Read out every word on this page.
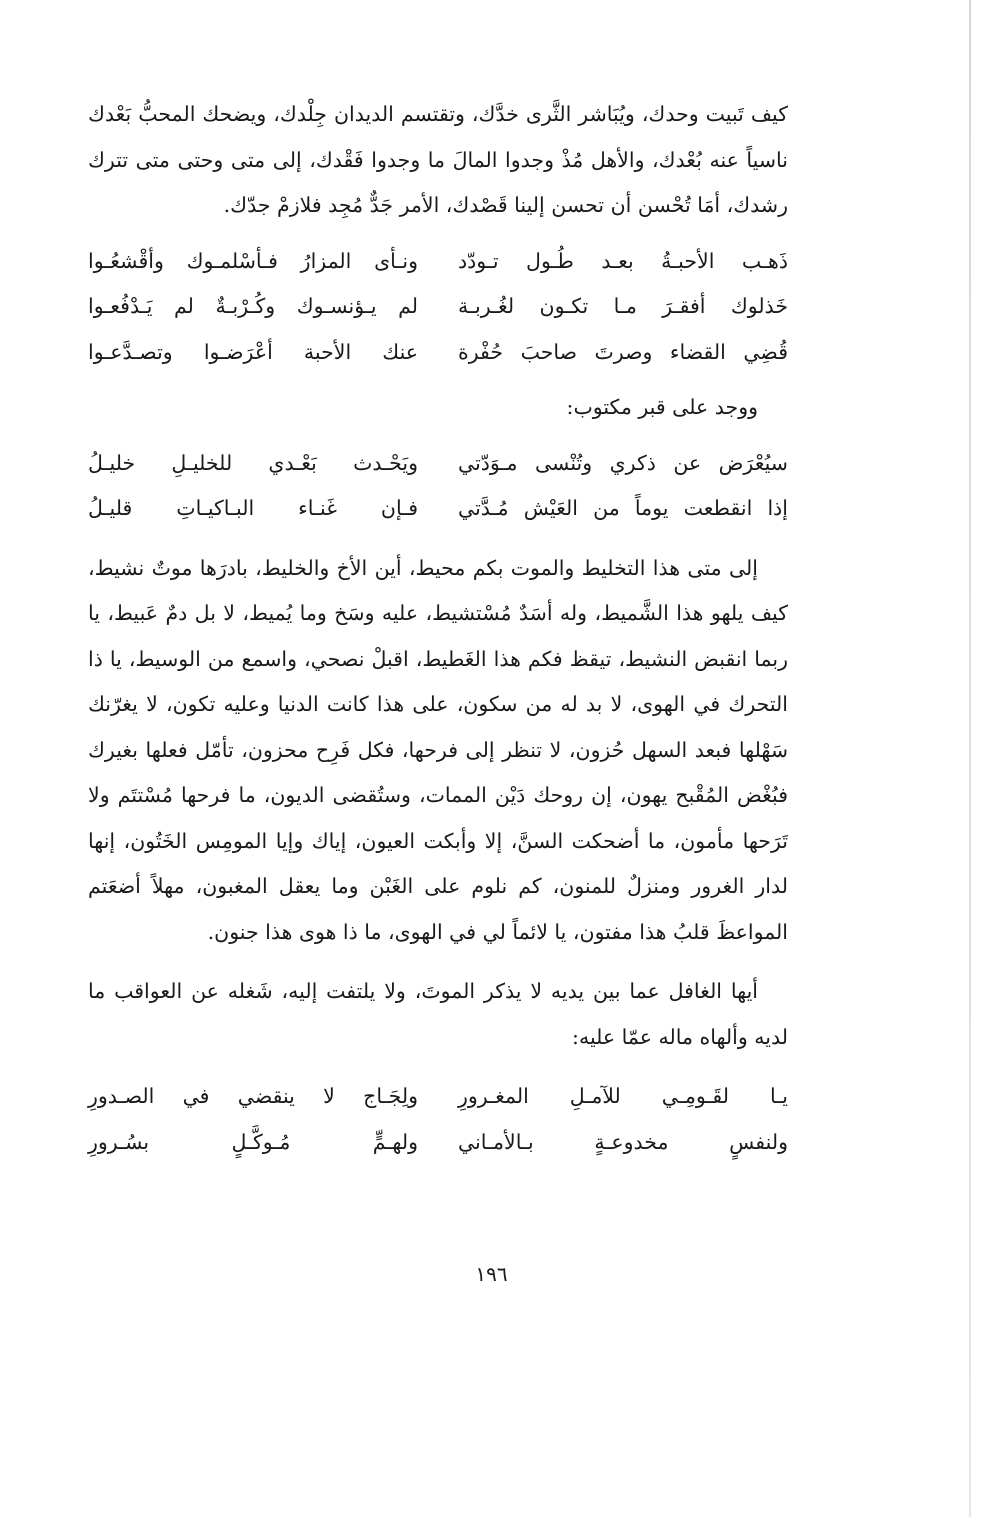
كيف تَبيت وحدك، ويُبَاشر الثَّرى خدَّك، وتقتسم الديدان جِلْدك، ويضحك المحبُّ بَعْدك ناسياً عنه بُعْدك، والأهل مُذْ وجدوا المالَ ما وجدوا فَقْدك، إلى متى وحتى متى تترك رشدك، أمَا تُحْسن أن تحسن إلينا قَصْدك، الأمر جَدٌّ مُجِد فلازمْ جدّك.

ذَهـب الأحبـةُ بعـد طُـول تـودّد
ونـأى المزارُ فـأسْلمـوك وأقْشعُـوا
خَذلوك أفقـرَ مـا تكـون لغُـربـة
لم يـؤنسـوك وكُـرْبـةٌ لم يَـدْفُعـوا
قُضِي القضاء وصرتَ صاحبَ حُفْرة
عنك الأحبة أعْرَضـوا وتصـدَّعـوا

ووجد على قبر مكتوب:

سيُعْرَض عن ذكري وتُنْسى مـوَدّتي
ويَحْـدث بَعْـدي للخليـلِ خليـلُ
إذا انقطعت يوماً من العَيْش مُـدَّتي
فـإن غَنـاء البـاكيـاتِ قليـلُ

إلى متى هذا التخليط والموت بكم محيط، أين الأخ والخليط، بادرَها موتٌ نشيط، كيف يلهو هذا الشَّميط، وله أسَدٌ مُسْتشيط، عليه وسَخ وما يُميط، لا بل دمٌ عَبيط، يا ربما انقبض النشيط، تيقظ فكم هذا الغَطيط، اقبلْ نصحي، واسمع من الوسيط، يا ذا التحرك في الهوى، لا بد له من سكون، على هذا كانت الدنيا وعليه تكون، لا يغرّنك سَهْلها فبعد السهل حُزون، لا تنظر إلى فرحها، فكل فَرِح محزون، تأمّل فعلها بغيرك فبُغْض المُقْبح يهون، إن روحك دَيْن الممات، وستُقضى الديون، ما فرحها مُسْتتَم ولا تَرَحها مأمون، ما أضحكت السنَّ، إلا وأبكت العيون، إياك وإيا المومِس الخَتُون، إنها لدار الغرور ومنزلٌ للمنون، كم نلوم على الغَبْن وما يعقل المغبون، مهلاً أضعَتم المواعظَ قلبُ هذا مفتون، يا لائماً لي في الهوى، ما ذا هوى هذا جنون.

أيها الغافل عما بين يديه لا يذكر الموتَ، ولا يلتفت إليه، شَغله عن العواقب ما لديه وألهاه ماله عمّا عليه:

يـا لقَـومِـي للآمـلِ المغـرورِ
ولِجَـاج لا ينقضي في الصـدورِ
ولنفسٍ مخدوعـةٍ بـالأمـاني
ولهـمٍّ مُـوكَّـلٍ بسُـرورِ
١٩٦
